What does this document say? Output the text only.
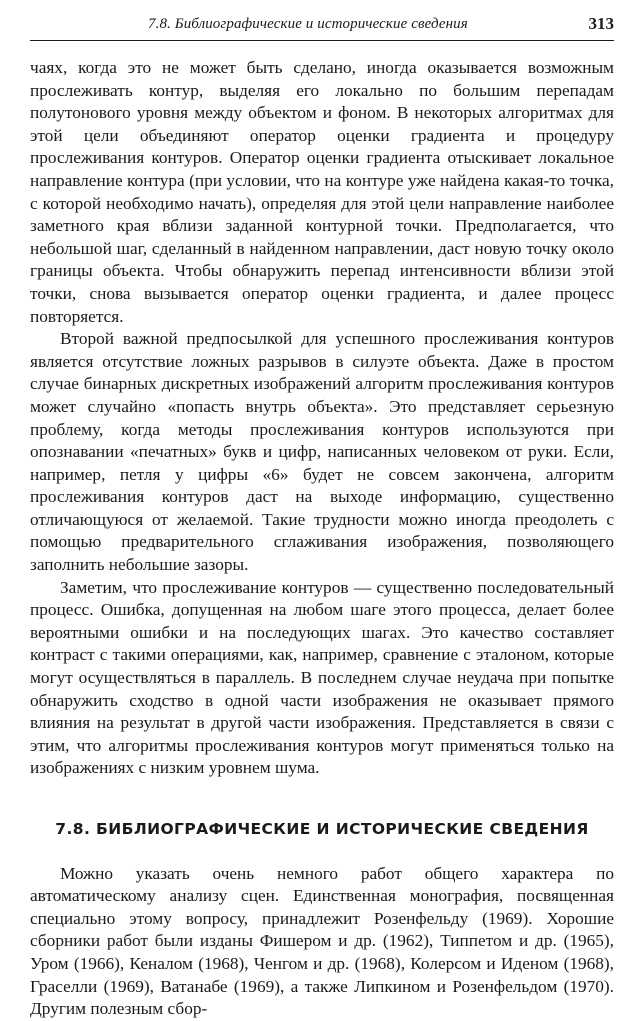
7.8. Библиографические и исторические сведения	313

чаях, когда это не может быть сделано, иногда оказывается возможным прослеживать контур, выделяя его локально по большим перепадам полутонового уровня между объектом и фоном. В некоторых алгоритмах для этой цели объединяют оператор оценки градиента и процедуру прослеживания контуров. Оператор оценки градиента отыскивает локальное направление контура (при условии, что на контуре уже найдена какая-то точка, с которой необходимо начать), определяя для этой цели направление наиболее заметного края вблизи заданной контурной точки. Предполагается, что небольшой шаг, сделанный в найденном направлении, даст новую точку около границы объекта. Чтобы обнаружить перепад интенсивности вблизи этой точки, снова вызывается оператор оценки градиента, и далее процесс повторяется.

Второй важной предпосылкой для успешного прослеживания контуров является отсутствие ложных разрывов в силуэте объекта. Даже в простом случае бинарных дискретных изображений алгоритм прослеживания контуров может случайно «попасть внутрь объекта». Это представляет серьезную проблему, когда методы прослеживания контуров используются при опознавании «печатных» букв и цифр, написанных человеком от руки. Если, например, петля у цифры «6» будет не совсем закончена, алгоритм прослеживания контуров даст на выходе информацию, существенно отличающуюся от желаемой. Такие трудности можно иногда преодолеть с помощью предварительного сглаживания изображения, позволяющего заполнить небольшие зазоры.

Заметим, что прослеживание контуров — существенно последовательный процесс. Ошибка, допущенная на любом шаге этого процесса, делает более вероятными ошибки и на последующих шагах. Это качество составляет контраст с такими операциями, как, например, сравнение с эталоном, которые могут осуществляться в параллель. В последнем случае неудача при попытке обнаружить сходство в одной части изображения не оказывает прямого влияния на результат в другой части изображения. Представляется в связи с этим, что алгоритмы прослеживания контуров могут применяться только на изображениях с низким уровнем шума.

7.8. БИБЛИОГРАФИЧЕСКИЕ И ИСТОРИЧЕСКИЕ СВЕДЕНИЯ

Можно указать очень немного работ общего характера по автоматическому анализу сцен. Единственная монография, посвященная специально этому вопросу, принадлежит Розенфельду (1969). Хорошие сборники работ были изданы Фишером и др. (1962), Типпетом и др. (1965), Уром (1966), Кеналом (1968), Ченгом и др. (1968), Колерсом и Иденом (1968), Граселли (1969), Ватанабе (1969), а также Липкином и Розенфельдом (1970). Другим полезным сбор-
